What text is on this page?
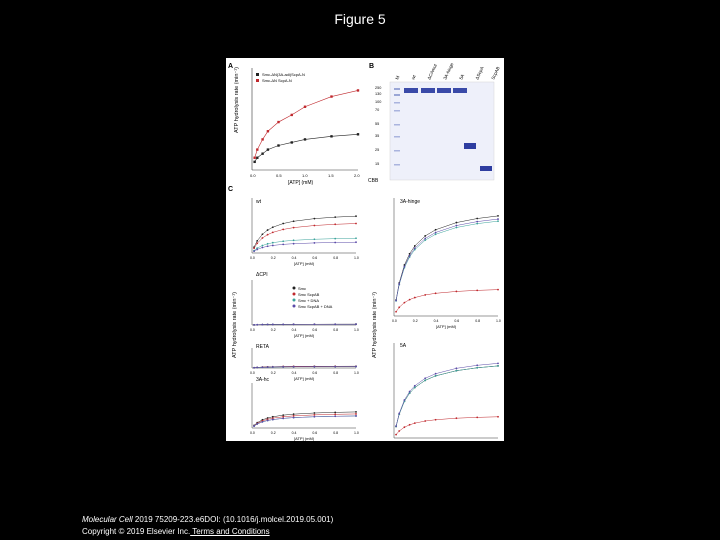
Figure 5
A	B
C
ATP hydrolysis rate (min⁻¹)
[ATP] (mM)
0.0	0.5	1.0	1.5	2.0
Smc-ΔN(3A-adi)ScpA-N
Smc-ΔN ScpA-N
M wt ΔCAmut 3A-hinge 5A ΔScpA ScpAB
250
130
100
70
55
35
25
15
CBB
0.0	0.2	0.4	0.6	0.8	1.0
[ATP] (mM)
0.0	0.2	0.4	0.6	0.8	1.0
[ATP] (mM)
0.0	0.2	0.4	0.6	0.8	1.0
[ATP] (mM)
0.0	0.2	0.4	0.6	0.8	1.0
[ATP] (mM)
0.0	0.2	0.4	0.6	0.8	1.0
[ATP] (mM)
0.0	0.2	0.4	0.6	0.8	1.0
[ATP] (mM)
Smc
Smc ScpAB
Smc + DNA
Smc ScpAB + DNA
wt	3A-hinge
ΔCPI
RETA
3A-hc
5A
ATP hydrolysis rate (min⁻¹)	ATP hydrolysis rate (min⁻¹)
Molecular Cell 2019 75209-223.e6DOI: (10.1016/j.molcel.2019.05.001)
Copyright © 2019 Elsevier Inc. Terms and Conditions
